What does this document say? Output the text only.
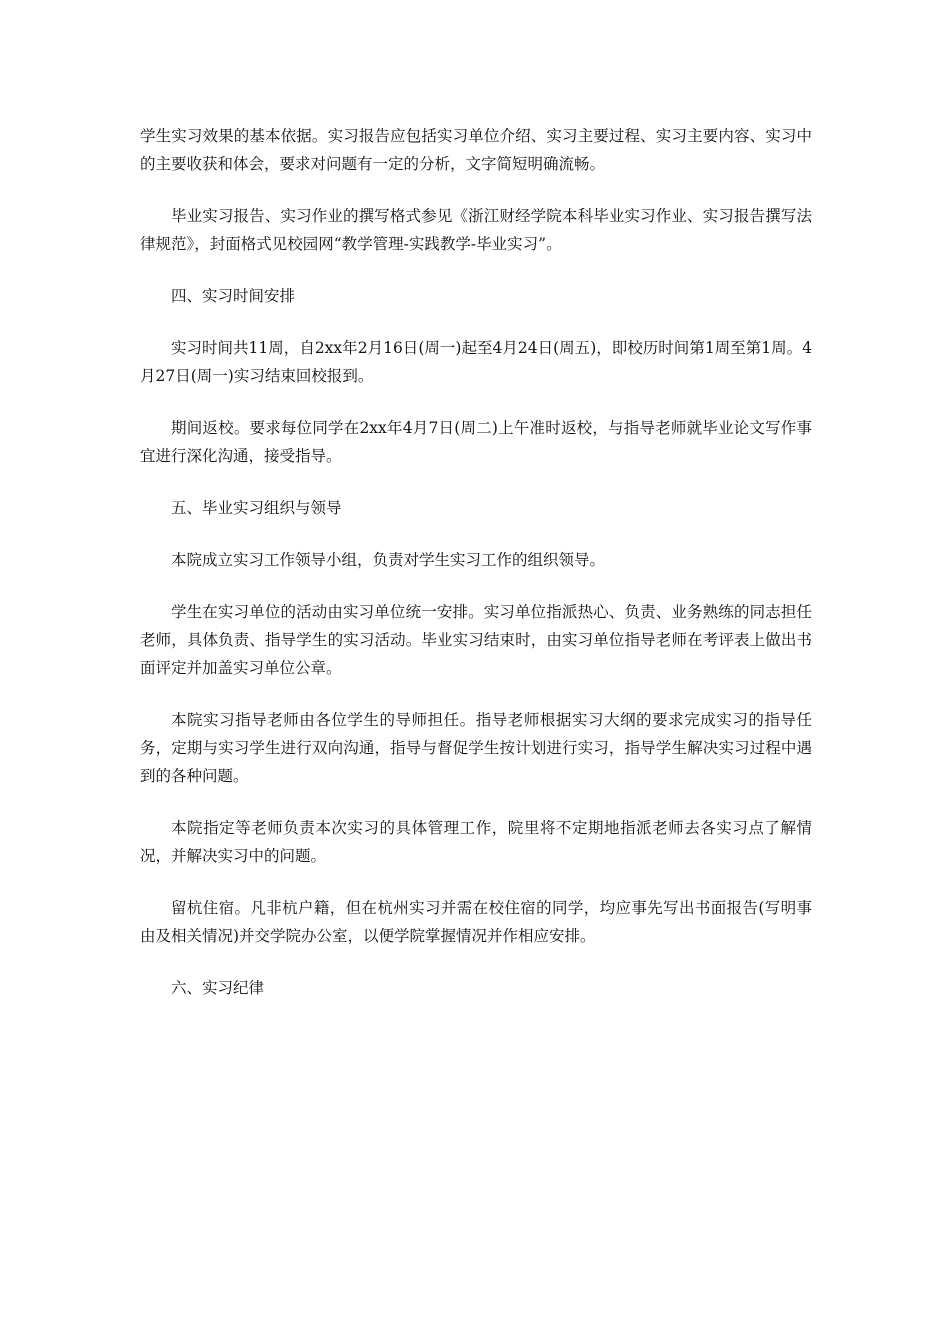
学生实习效果的基本依据。实习报告应包括实习单位介绍、实习主要过程、实习主要内容、实习中的主要收获和体会，要求对问题有一定的分析，文字简短明确流畅。

毕业实习报告、实习作业的撰写格式参见《浙江财经学院本科毕业实习作业、实习报告撰写法律规范》，封面格式见校园网“教学管理-实践教学-毕业实习”。

四、实习时间安排

实习时间共11周，自2xx年2月16日(周一)起至4月24日(周五)，即校历时间第1周至第1周。4月27日(周一)实习结束回校报到。

期间返校。要求每位同学在2xx年4月7日(周二)上午准时返校，与指导老师就毕业论文写作事宜进行深化沟通，接受指导。

五、毕业实习组织与领导

本院成立实习工作领导小组，负责对学生实习工作的组织领导。

学生在实习单位的活动由实习单位统一安排。实习单位指派热心、负责、业务熟练的同志担任老师，具体负责、指导学生的实习活动。毕业实习结束时，由实习单位指导老师在考评表上做出书面评定并加盖实习单位公章。

本院实习指导老师由各位学生的导师担任。指导老师根据实习大纲的要求完成实习的指导任务，定期与实习学生进行双向沟通，指导与督促学生按计划进行实习，指导学生解决实习过程中遇到的各种问题。

本院指定等老师负责本次实习的具体管理工作，院里将不定期地指派老师去各实习点了解情况，并解决实习中的问题。

留杭住宿。凡非杭户籍，但在杭州实习并需在校住宿的同学，均应事先写出书面报告(写明事由及相关情况)并交学院办公室，以便学院掌握情况并作相应安排。

六、实习纪律
